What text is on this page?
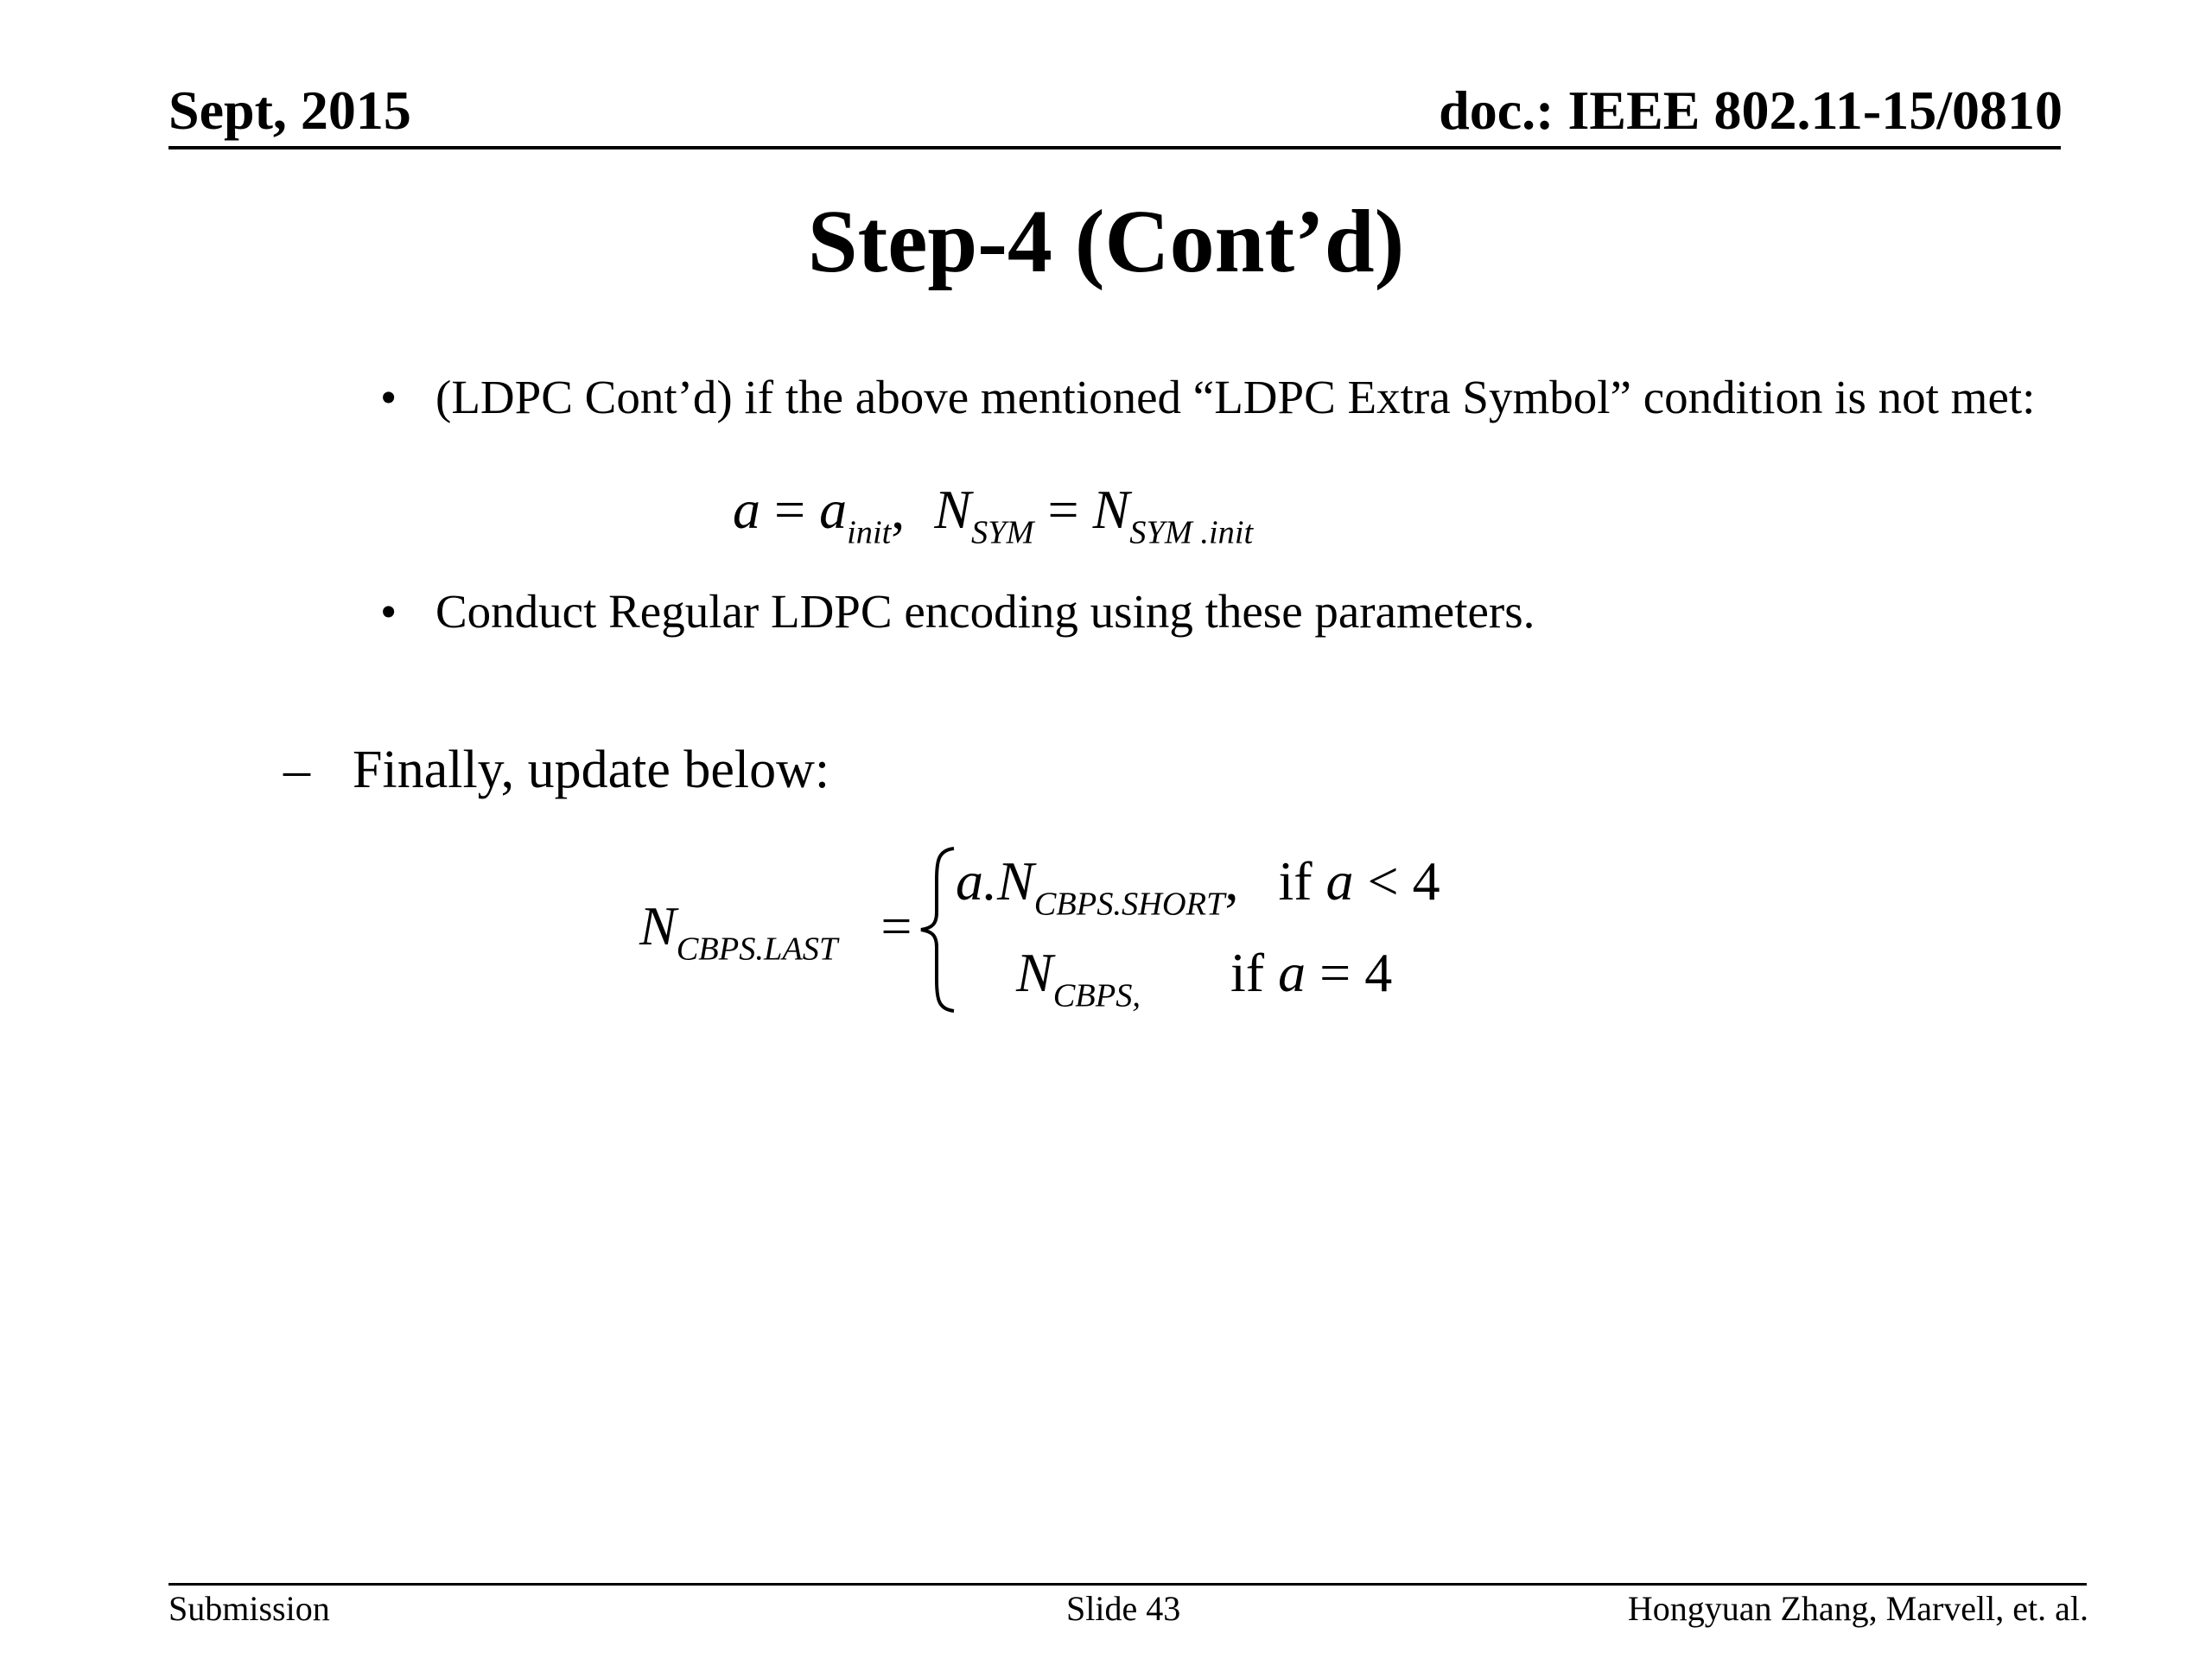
Sept, 2015	doc.: IEEE 802.11-15/0810
Step-4 (Cont’d)
• (LDPC Cont’d) if the above mentioned “LDPC Extra Symbol” condition is not met:
$a = a_{init}$, $N_{SYM} = N_{SYM .init}$
• Conduct Regular LDPC encoding using these parameters.
– Finally, update below:
$N_{CBPS.LAST}$ =
$a.N_{CBPS.SHORT}$, if a < 4
$N_{CBPS,}$ if a = 4
Submission	Slide 43	Hongyuan Zhang, Marvell, et. al.
